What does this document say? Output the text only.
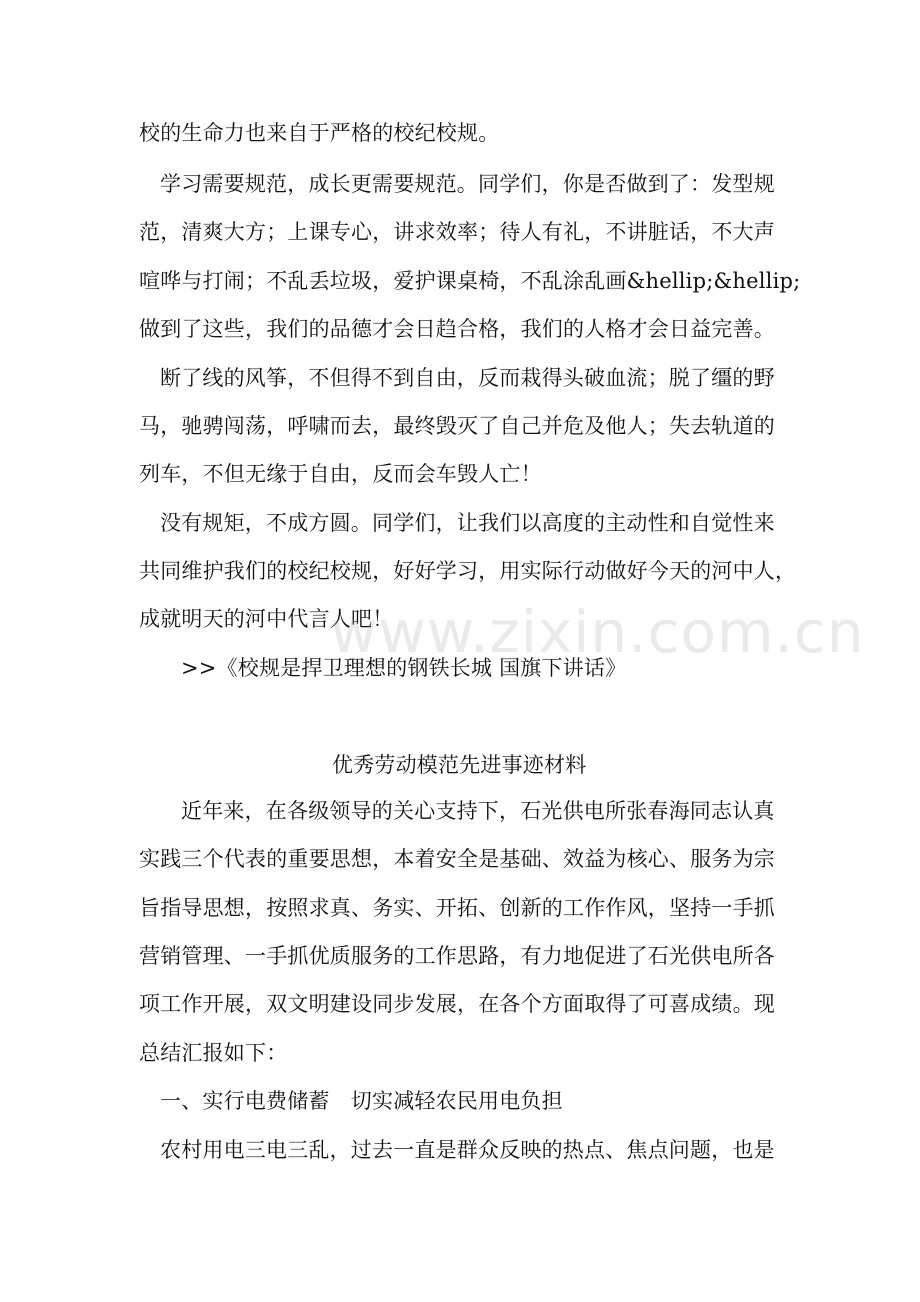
校的生命力也来自于严格的校纪校规。
学习需要规范，成长更需要规范。同学们，你是否做到了：发型规
范，清爽大方；上课专心，讲求效率；待人有礼，不讲脏话，不大声
喧哗与打闹；不乱丢垃圾，爱护课桌椅，不乱涂乱画&hellip;&hellip;
做到了这些，我们的品德才会日趋合格，我们的人格才会日益完善。
断了线的风筝，不但得不到自由，反而栽得头破血流；脱了缰的野
马，驰骋闯荡，呼啸而去，最终毁灭了自己并危及他人；失去轨道的
列车，不但无缘于自由，反而会车毁人亡！
没有规矩，不成方圆。同学们，让我们以高度的主动性和自觉性来
共同维护我们的校纪校规，好好学习，用实际行动做好今天的河中人，
成就明天的河中代言人吧！
>>《校规是捍卫理想的钢铁长城 国旗下讲话》
优秀劳动模范先进事迹材料
近年来，在各级领导的关心支持下，石光供电所张春海同志认真
实践三个代表的重要思想，本着安全是基础、效益为核心、服务为宗
旨指导思想，按照求真、务实、开拓、创新的工作作风，坚持一手抓
营销管理、一手抓优质服务的工作思路，有力地促进了石光供电所各
项工作开展，双文明建设同步发展，在各个方面取得了可喜成绩。现
总结汇报如下：
一、实行电费储蓄　切实减轻农民用电负担
农村用电三电三乱，过去一直是群众反映的热点、焦点问题，也是
www.zixin.com.cn
